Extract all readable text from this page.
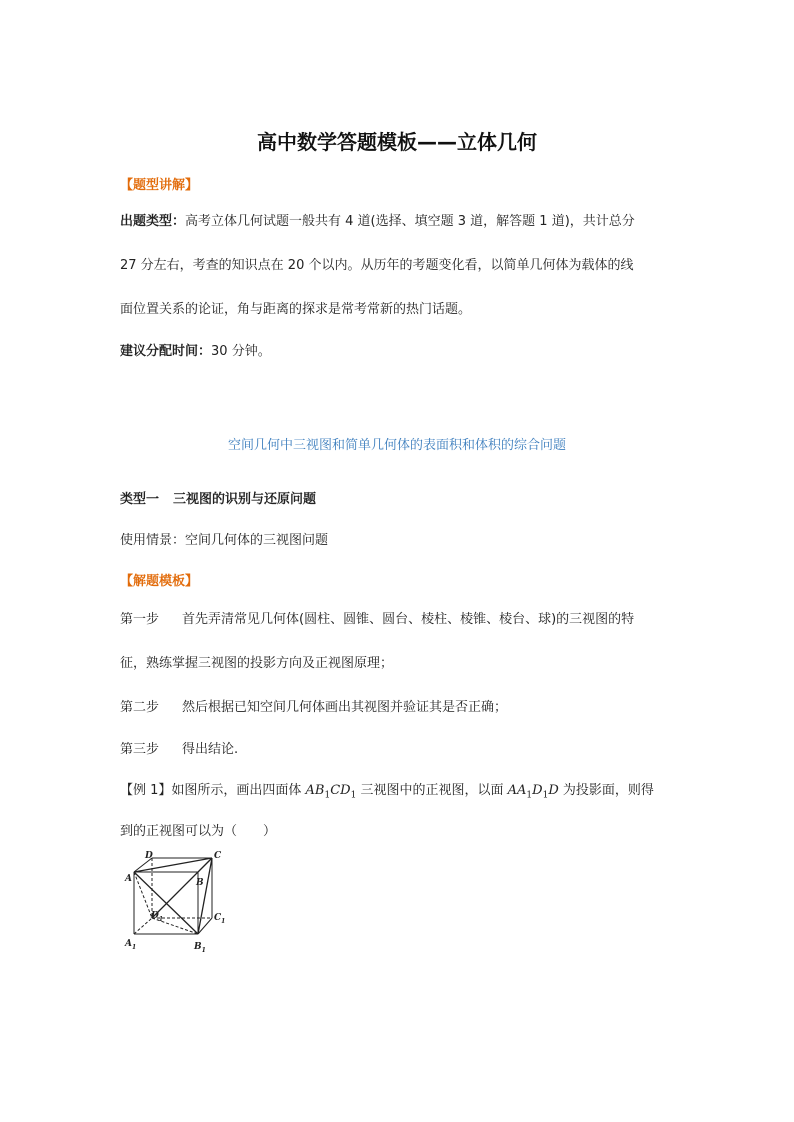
高中数学答题模板——立体几何
【题型讲解】
出题类型：高考立体几何试题一般共有 4 道(选择、填空题 3 道，解答题 1 道)，共计总分
27 分左右，考查的知识点在 20 个以内。从历年的考题变化看，以简单几何体为载体的线
面位置关系的论证，角与距离的探求是常考常新的热门话题。
建议分配时间：30 分钟。
空间几何中三视图和简单几何体的表面积和体积的综合问题
类型一 三视图的识别与还原问题
使用情景：空间几何体的三视图问题
【解题模板】
第一步 首先弄清常见几何体(圆柱、圆锥、圆台、棱柱、棱锥、棱台、球)的三视图的特
征，熟练掌握三视图的投影方向及正视图原理；
第二步 然后根据已知空间几何体画出其视图并验证其是否正确；
第三步 得出结论.
【例 1】如图所示，画出四面体 $AB_1CD_1$ 三视图中的正视图，以面 $AA_1D_1D$ 为投影面，则得
到的正视图可以为（　　）
D	C
A	B
$D_1$	$C_1$
$A_1$	$B_1$
